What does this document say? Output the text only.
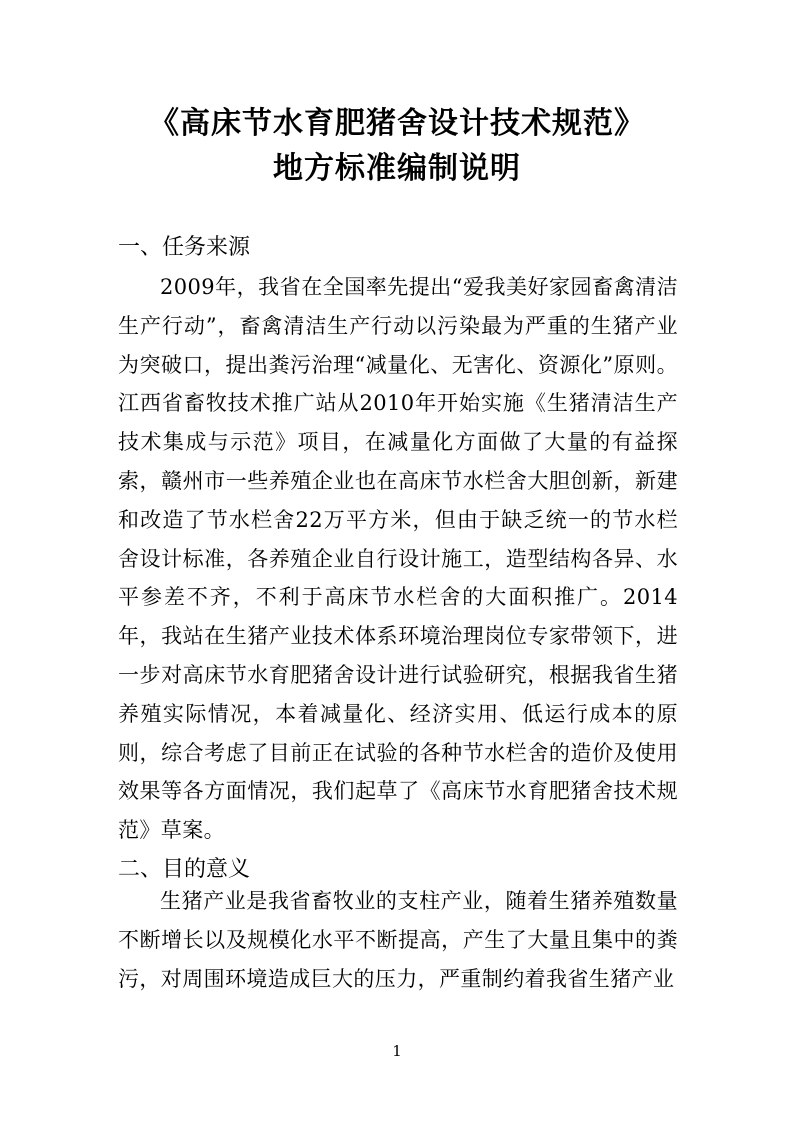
《高床节水育肥猪舍设计技术规范》
地方标准编制说明
一、任务来源
2009年，我省在全国率先提出“爱我美好家园畜禽清洁生产行动”，畜禽清洁生产行动以污染最为严重的生猪产业为突破口，提出粪污治理“减量化、无害化、资源化”原则。江西省畜牧技术推广站从2010年开始实施《生猪清洁生产技术集成与示范》项目，在减量化方面做了大量的有益探索，赣州市一些养殖企业也在高床节水栏舍大胆创新，新建和改造了节水栏舍22万平方米，但由于缺乏统一的节水栏舍设计标准，各养殖企业自行设计施工，造型结构各异、水平参差不齐，不利于高床节水栏舍的大面积推广。2014年，我站在生猪产业技术体系环境治理岗位专家带领下，进一步对高床节水育肥猪舍设计进行试验研究，根据我省生猪养殖实际情况，本着减量化、经济实用、低运行成本的原则，综合考虑了目前正在试验的各种节水栏舍的造价及使用效果等各方面情况，我们起草了《高床节水育肥猪舍技术规范》草案。
二、目的意义
生猪产业是我省畜牧业的支柱产业，随着生猪养殖数量不断增长以及规模化水平不断提高，产生了大量且集中的粪污，对周围环境造成巨大的压力，严重制约着我省生猪产业
1
